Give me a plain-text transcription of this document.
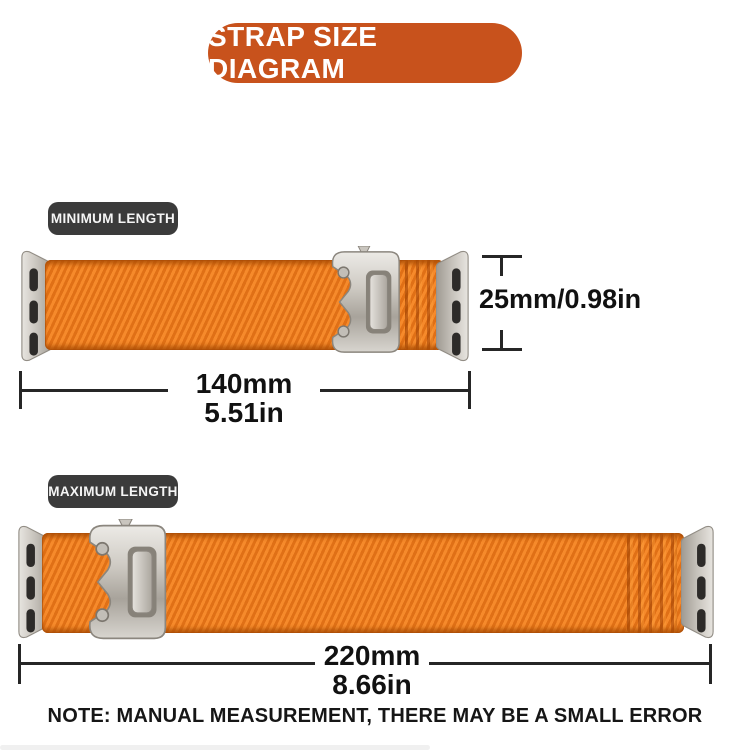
STRAP SIZE DIAGRAM
MINIMUM LENGTH
25mm/0.98in
140mm
5.51in
MAXIMUM LENGTH
220mm
8.66in
NOTE: MANUAL MEASUREMENT, THERE MAY BE A SMALL ERROR
